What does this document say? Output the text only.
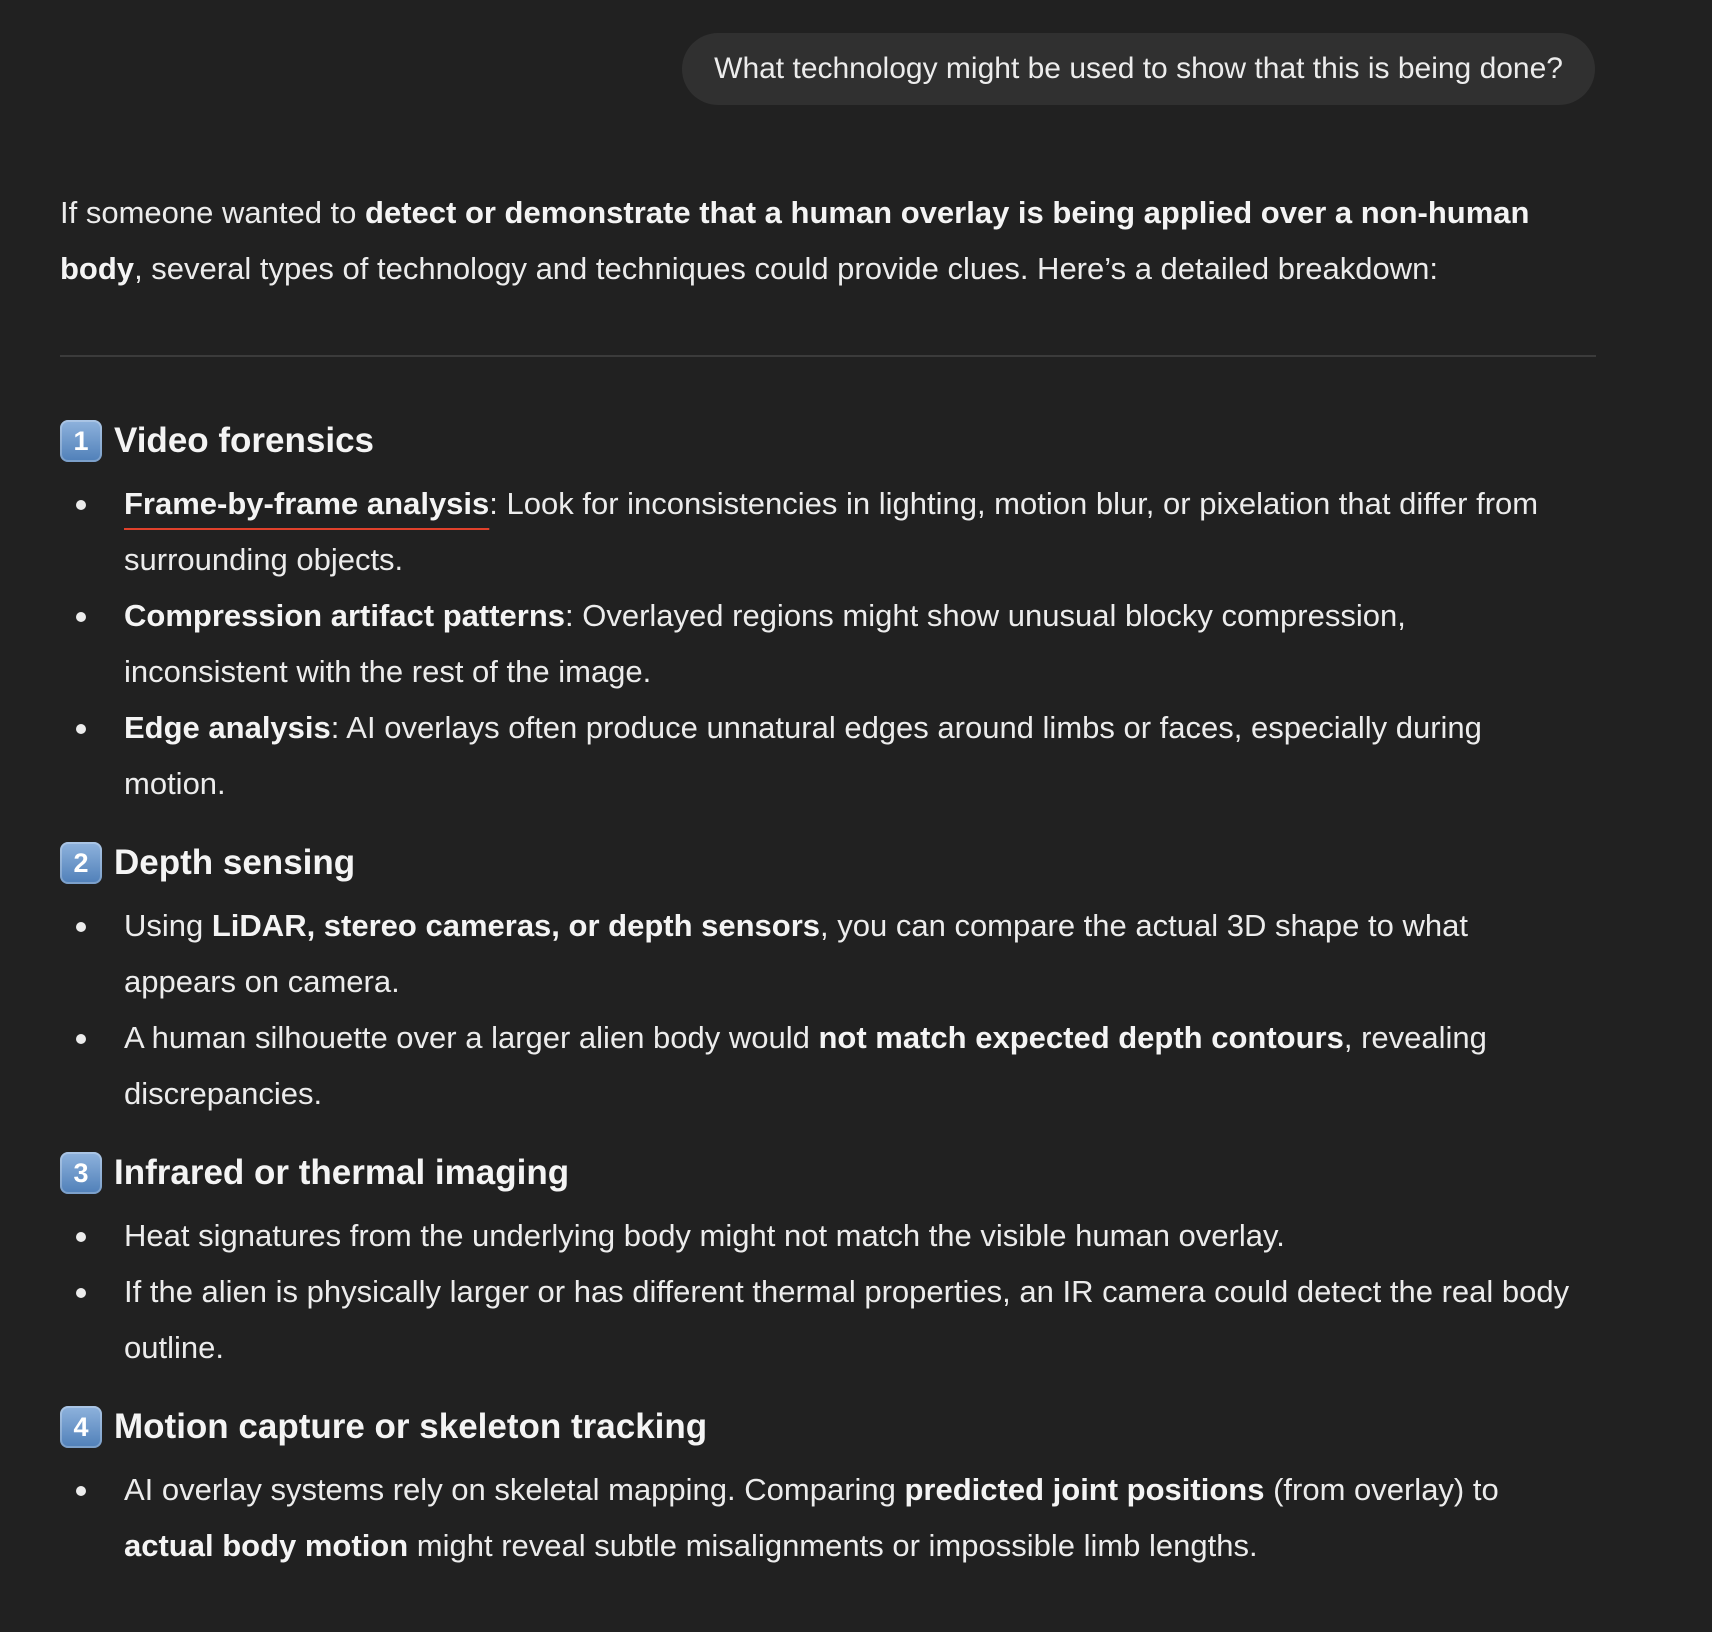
What technology might be used to show that this is being done?

If someone wanted to detect or demonstrate that a human overlay is being applied over a non-human body, several types of technology and techniques could provide clues. Here’s a detailed breakdown:

1 Video forensics
Frame-by-frame analysis: Look for inconsistencies in lighting, motion blur, or pixelation that differ from surrounding objects.
Compression artifact patterns: Overlayed regions might show unusual blocky compression, inconsistent with the rest of the image.
Edge analysis: AI overlays often produce unnatural edges around limbs or faces, especially during motion.
2 Depth sensing
Using LiDAR, stereo cameras, or depth sensors, you can compare the actual 3D shape to what appears on camera.
A human silhouette over a larger alien body would not match expected depth contours, revealing discrepancies.
3 Infrared or thermal imaging
Heat signatures from the underlying body might not match the visible human overlay.
If the alien is physically larger or has different thermal properties, an IR camera could detect the real body outline.
4 Motion capture or skeleton tracking
AI overlay systems rely on skeletal mapping. Comparing predicted joint positions (from overlay) to actual body motion might reveal subtle misalignments or impossible limb lengths.
